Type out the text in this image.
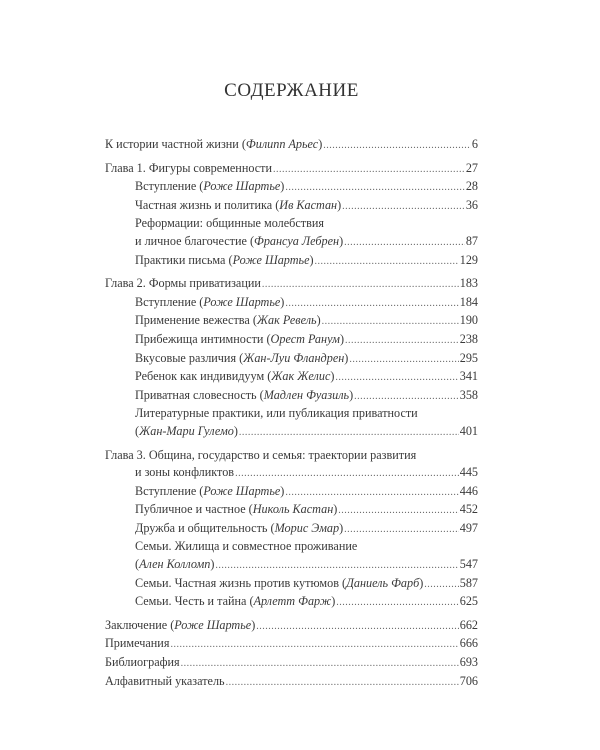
СОДЕРЖАНИЕ
К истории частной жизни (Филипп Арьес) .....	6
Глава 1. Фигуры современности .....	27
Вступление (Роже Шартье) .....	28
Частная жизнь и политика (Ив Кастан) .....	36
Реформации: общинные молебствия
и личное благочестие (Франсуа Лебрен) .....	87
Практики письма (Роже Шартье) .....	129
Глава 2. Формы приватизации .....	183
Вступление (Роже Шартье) .....	184
Применение вежества (Жак Ревель) .....	190
Прибежища интимности (Орест Ранум) .....	238
Вкусовые различия (Жан-Луи Фландрен) .....	295
Ребенок как индивидуум (Жак Желис) .....	341
Приватная словесность (Мадлен Фуазиль) .....	358
Литературные практики, или публикация приватности
(Жан-Мари Гулемо) .....	401
Глава 3. Община, государство и семья: траектории развития
и зоны конфликтов .....	445
Вступление (Роже Шартье) .....	446
Публичное и частное (Николь Кастан) .....	452
Дружба и общительность (Морис Эмар) .....	497
Семьи. Жилища и совместное проживание
(Ален Колломп) .....	547
Семьи. Частная жизнь против кутюмов (Даниель Фарб) .....	587
Семьи. Честь и тайна (Арлетт Фарж) .....	625
Заключение (Роже Шартье) .....	662
Примечания .....	666
Библиография .....	693
Алфавитный указатель .....	706
